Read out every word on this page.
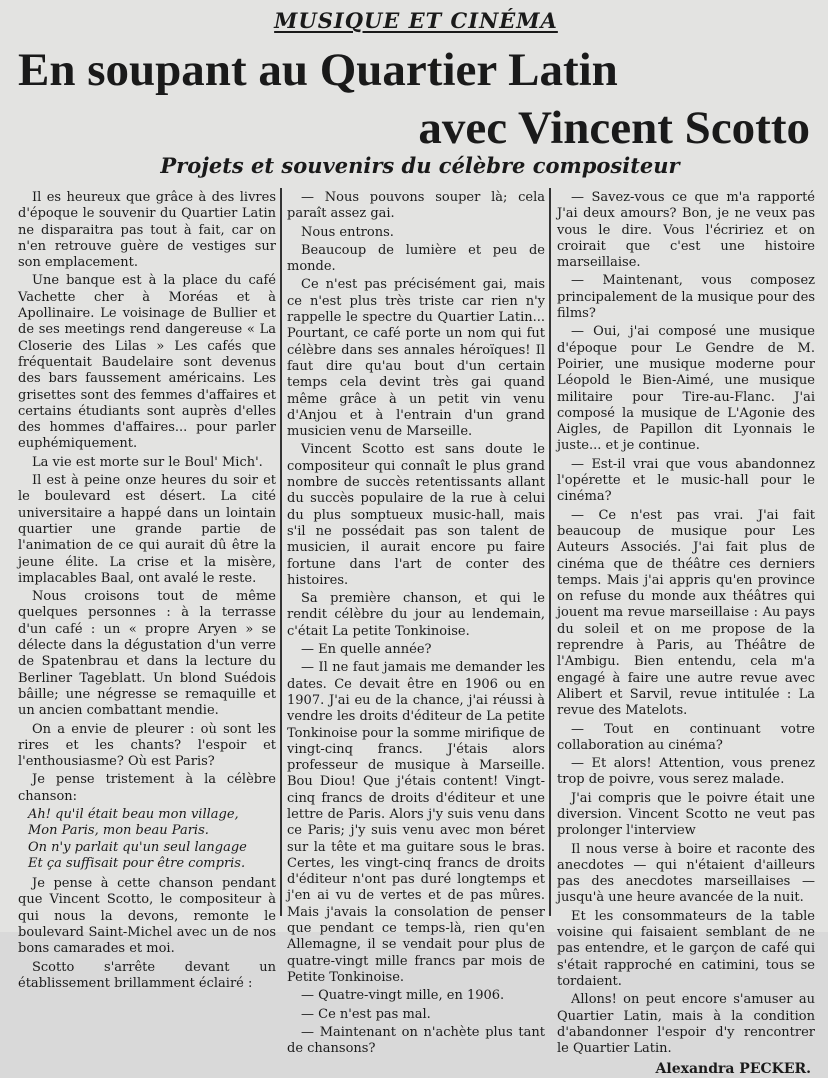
MUSIQUE ET CINÉMA
En soupant au Quartier Latin
avec Vincent Scotto
Projets et souvenirs du célèbre compositeur

Il es heureux que grâce à des livres d'époque le souvenir du Quartier Latin ne disparaitra pas tout à fait, car on n'en retrouve guère de vestiges sur son emplacement.

Une banque est à la place du café Vachette cher à Moréas et à Apollinaire. Le voisinage de Bullier et de ses meetings rend dangereuse « La Closerie des Lilas » Les cafés que fréquentait Baudelaire sont devenus des bars faussement américains. Les grisettes sont des femmes d'affaires et certains étudiants sont auprès d'elles des hommes d'affaires... pour parler euphémiquement.

La vie est morte sur le Boul' Mich'.

Il est à peine onze heures du soir et le boulevard est désert. La cité universitaire a happé dans un lointain quartier une grande partie de l'animation de ce qui aurait dû être la jeune élite. La crise et la misère, implacables Baal, ont avalé le reste.

Nous croisons tout de même quelques personnes : à la terrasse d'un café : un « propre Aryen » se délecte dans la dégustation d'un verre de Spatenbrau et dans la lecture du Berliner Tageblatt. Un blond Suédois bâille; une négresse se remaquille et un ancien combattant mendie.

On a envie de pleurer : où sont les rires et les chants? l'espoir et l'enthousiasme? Où est Paris?

Je pense tristement à la célèbre chanson:

Ah! qu'il était beau mon village,

Mon Paris, mon beau Paris.

On n'y parlait qu'un seul langage

Et ça suffisait pour être compris.

Je pense à cette chanson pendant que Vincent Scotto, le compositeur à qui nous la devons, remonte le boulevard Saint-Michel avec un de nos bons camarades et moi.

Scotto s'arrête devant un établissement brillamment éclairé :

— Nous pouvons souper là; cela paraît assez gai.

Nous entrons.

Beaucoup de lumière et peu de monde.

Ce n'est pas précisément gai, mais ce n'est plus très triste car rien n'y rappelle le spectre du Quartier Latin... Pourtant, ce café porte un nom qui fut célèbre dans ses annales héroïques! Il faut dire qu'au bout d'un certain temps cela devint très gai quand même grâce à un petit vin venu d'Anjou et à l'entrain d'un grand musicien venu de Marseille.

Vincent Scotto est sans doute le compositeur qui connaît le plus grand nombre de succès retentissants allant du succès populaire de la rue à celui du plus somptueux music-hall, mais s'il ne possédait pas son talent de musicien, il aurait encore pu faire fortune dans l'art de conter des histoires.

Sa première chanson, et qui le rendit célèbre du jour au lendemain, c'était La petite Tonkinoise.

— En quelle année?

— Il ne faut jamais me demander les dates. Ce devait être en 1906 ou en 1907. J'ai eu de la chance, j'ai réussi à vendre les droits d'éditeur de La petite Tonkinoise pour la somme mirifique de vingt-cinq francs. J'étais alors professeur de musique à Marseille. Bou Diou! Que j'étais content! Vingt-cinq francs de droits d'éditeur et une lettre de Paris. Alors j'y suis venu dans ce Paris; j'y suis venu avec mon béret sur la tête et ma guitare sous le bras. Certes, les vingt-cinq francs de droits d'éditeur n'ont pas duré longtemps et j'en ai vu de vertes et de pas mûres. Mais j'avais la consolation de penser que pendant ce temps-là, rien qu'en Allemagne, il se vendait pour plus de quatre-vingt mille francs par mois de Petite Tonkinoise.

— Quatre-vingt mille, en 1906.

— Ce n'est pas mal.

— Maintenant on n'achète plus tant de chansons?

— Savez-vous ce que m'a rapporté J'ai deux amours? Bon, je ne veux pas vous le dire. Vous l'écririez et on croirait que c'est une histoire marseillaise.

— Maintenant, vous composez principalement de la musique pour des films?

— Oui, j'ai composé une musique d'époque pour Le Gendre de M. Poirier, une musique moderne pour Léopold le Bien-Aimé, une musique militaire pour Tire-au-Flanc. J'ai composé la musique de L'Agonie des Aigles, de Papillon dit Lyonnais le juste... et je continue.

— Est-il vrai que vous abandonnez l'opérette et le music-hall pour le cinéma?

— Ce n'est pas vrai. J'ai fait beaucoup de musique pour Les Auteurs Associés. J'ai fait plus de cinéma que de théâtre ces derniers temps. Mais j'ai appris qu'en province on refuse du monde aux théâtres qui jouent ma revue marseillaise : Au pays du soleil et on me propose de la reprendre à Paris, au Théâtre de l'Ambigu. Bien entendu, cela m'a engagé à faire une autre revue avec Alibert et Sarvil, revue intitulée : La revue des Matelots.

— Tout en continuant votre collaboration au cinéma?

— Et alors! Attention, vous prenez trop de poivre, vous serez malade.

J'ai compris que le poivre était une diversion. Vincent Scotto ne veut pas prolonger l'interview

Il nous verse à boire et raconte des anecdotes — qui n'étaient d'ailleurs pas des anecdotes marseillaises — jusqu'à une heure avancée de la nuit.

Et les consommateurs de la table voisine qui faisaient semblant de ne pas entendre, et le garçon de café qui s'était rapproché en catimini, tous se tordaient.

Allons! on peut encore s'amuser au Quartier Latin, mais à la condition d'abandonner l'espoir d'y rencontrer le Quartier Latin.

Alexandra PECKER.
